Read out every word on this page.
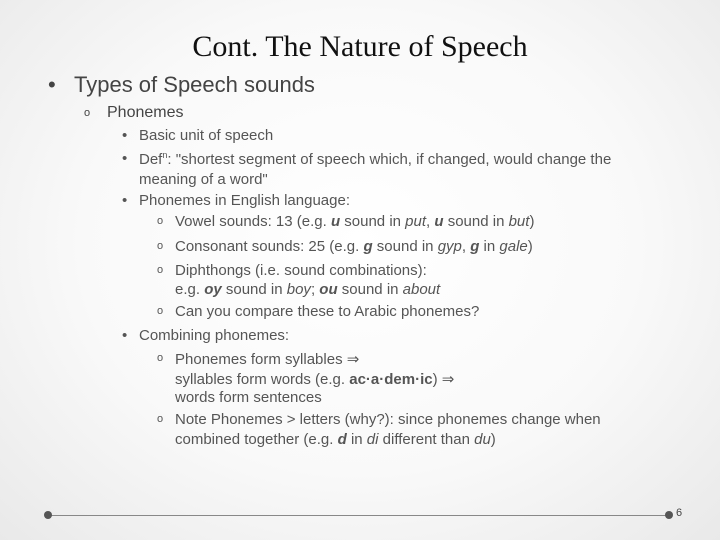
Cont. The Nature of Speech
• Types of Speech sounds
o Phonemes
• Basic unit of speech
• Def$^n$: "shortest segment of speech which, if changed, would change the
meaning of a word"
• Phonemes in English language:
o Vowel sounds: 13 (e.g. u sound in put, u sound in but)
o Consonant sounds: 25 (e.g. g sound in gyp, g in gale)
o Diphthongs (i.e. sound combinations):
e.g. oy sound in boy; ou sound in about
o Can you compare these to Arabic phonemes?
• Combining phonemes:
o Phonemes form syllables ⇒
syllables form words (e.g. ac·a·dem·ic) ⇒
words form sentences
o Note Phonemes > letters (why?): since phonemes change when
combined together (e.g. d in di different than du)
6
